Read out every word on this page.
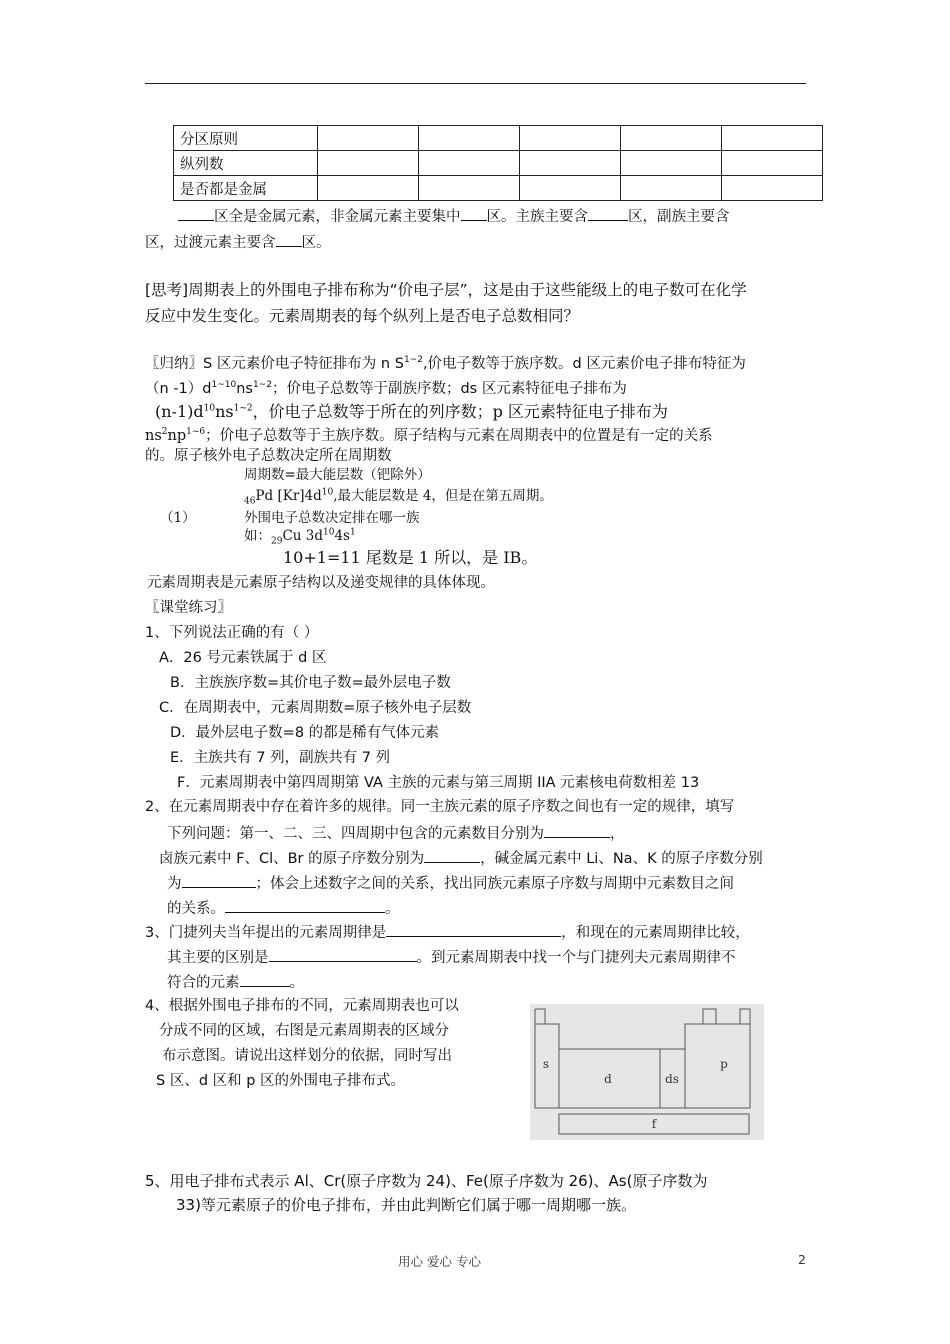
分区原则					
纵列数					
是否都是金属					
区全是金属元素，非金属元素主要集中 区。主族主要含	区，副族主要含
区，过渡元素主要含 区。
[思考]周期表上的外围电子排布称为“价电子层”，这是由于这些能级上的电子数可在化学
反应中发生变化。元素周期表的每个纵列上是否电子总数相同？
〖归纳〗S 区元素价电子特征排布为 n $S^{1\sim 2}$,价电子数等于族序数。d 区元素价电子排布特征为
（n $-1)d^{1\sim 10}ns^{1\sim 2}$；价电子总数等于副族序数；ds 区元素特征电子排布为
$(n-1)d^{10}ns^{1\sim 2}$，价电子总数等于所在的列序数；p 区元素特征电子排布为
$ns^2np^{1\sim 6}$；价电子总数等于主族序数。原子结构与元素在周期表中的位置是有一定的关系
的。原子核外电子总数决定所在周期数
周期数=最大能层数（钯除外）
$_{46}$Pd $[Kr]4d^{10}$,最大能层数是 4，但是在第五周期。
（1）	外围电子总数决定排在哪一族
如：$_{29}$Cu $3d^{10}4s^1$
10+1=11 尾数是 1 所以，是 IB。
元素周期表是元素原子结构以及递变规律的具体体现。
〖课堂练习〗
1、下列说法正确的有（ ）
A．26 号元素铁属于 d 区
B．主族族序数=其价电子数=最外层电子数
C．在周期表中，元素周期数=原子核外电子层数
D．最外层电子数=8 的都是稀有气体元素
E．主族共有 7 列，副族共有 7 列
F．元素周期表中第四周期第 VA 主族的元素与第三周期 IIA 元素核电荷数相差 13
2、在元素周期表中存在着许多的规律。同一主族元素的原子序数之间也有一定的规律，填写
下列问题：第一、二、三、四周期中包含的元素数目分别为	，
卤族元素中 F、Cl、Br 的原子序数分别为	，碱金属元素中 Li、Na、K 的原子序数分别
为	；体会上述数字之间的关系，找出同族元素原子序数与周期中元素数目之间
的关系。	。
3、门捷列夫当年提出的元素周期律是	，和现在的元素周期律比较，
其主要的区别是	。到元素周期表中找一个与门捷列夫元素周期律不
符合的元素	。
4、根据外围电子排布的不同，元素周期表也可以
分成不同的区域，右图是元素周期表的区域分
布示意图。请说出这样划分的依据，同时写出
S 区、d 区和 p 区的外围电子排布式。
s
d	ds
p
f
5、用电子排布式表示 Al、Cr(原子序数为 24)、Fe(原子序数为 26)、As(原子序数为
33)等元素原子的价电子排布，并由此判断它们属于哪一周期哪一族。
用心 爱心 专心	2
